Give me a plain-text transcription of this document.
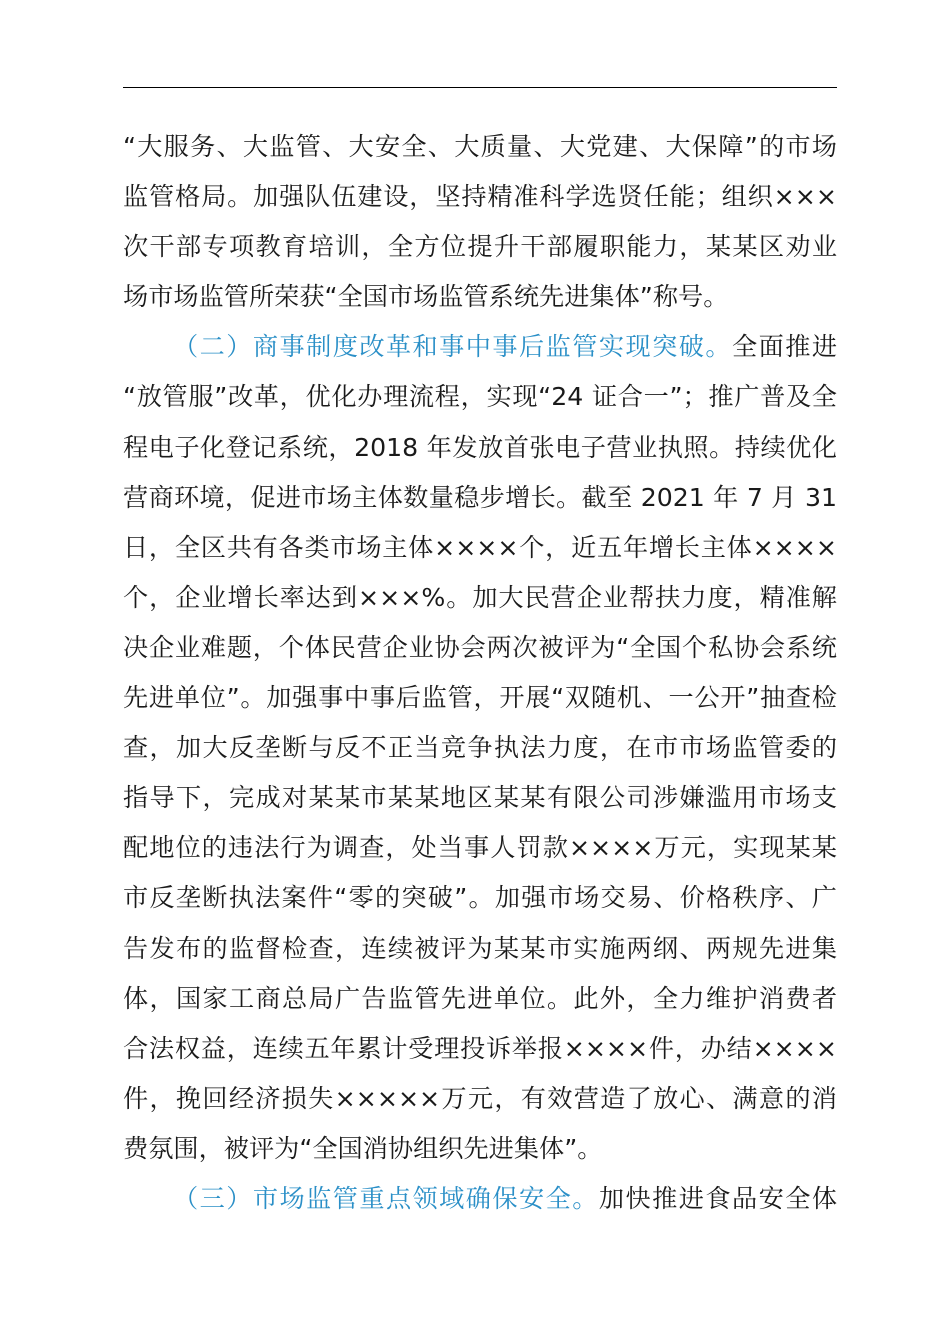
“大服务、大监管、大安全、大质量、大党建、大保障”的市场
监管格局。加强队伍建设，坚持精准科学选贤任能；组织×××
次干部专项教育培训，全方位提升干部履职能力，某某区劝业
场市场监管所荣获“全国市场监管系统先进集体”称号。
（二）商事制度改革和事中事后监管实现突破。全面推进
“放管服”改革，优化办理流程，实现“24 证合一”；推广普及全
程电子化登记系统，2018 年发放首张电子营业执照。持续优化
营商环境，促进市场主体数量稳步增长。截至 2021 年 7 月 31
日，全区共有各类市场主体××××个，近五年增长主体××××
个，企业增长率达到×××%。加大民营企业帮扶力度，精准解
决企业难题，个体民营企业协会两次被评为“全国个私协会系统
先进单位”。加强事中事后监管，开展“双随机、一公开”抽查检
查，加大反垄断与反不正当竞争执法力度，在市市场监管委的
指导下，完成对某某市某某地区某某有限公司涉嫌滥用市场支
配地位的违法行为调查，处当事人罚款××××万元，实现某某
市反垄断执法案件“零的突破”。加强市场交易、价格秩序、广
告发布的监督检查，连续被评为某某市实施两纲、两规先进集
体，国家工商总局广告监管先进单位。此外，全力维护消费者
合法权益，连续五年累计受理投诉举报××××件，办结××××
件，挽回经济损失×××××万元，有效营造了放心、满意的消
费氛围，被评为“全国消协组织先进集体”。
（三）市场监管重点领域确保安全。加快推进食品安全体
